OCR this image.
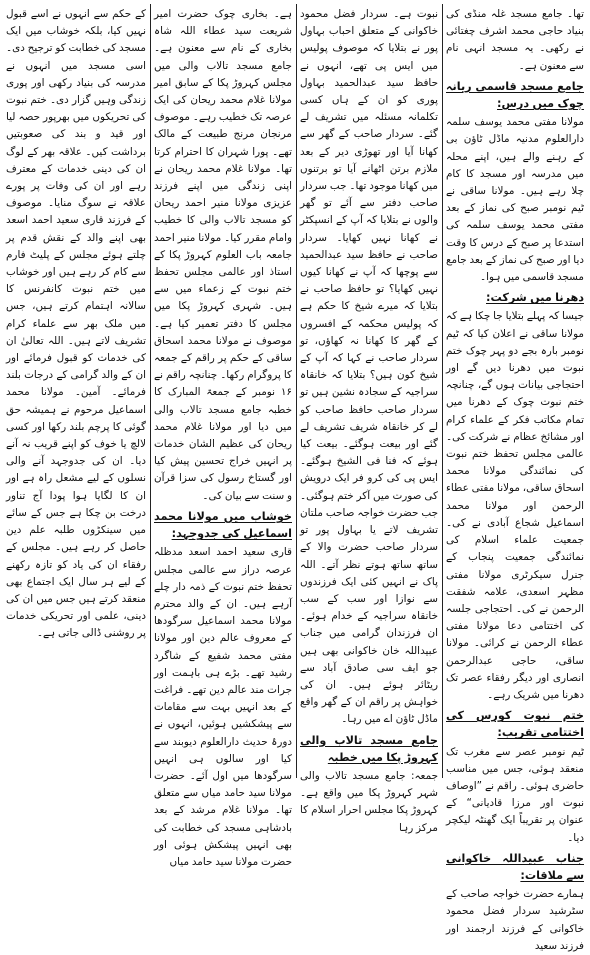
تھا۔ جامع مسجد غلہ منڈی کی بنیاد حاجی محمد اشرف چغتائی نے رکھی۔ یہ مسجد انہی نام سے معنون ہے۔

جامع مسجد قاسمی ریانہ چوک میں درس:

مولانا مفتی محمد یوسف سلمہ دارالعلوم مدنیہ ماڈل ٹاؤن بی کے رہنے والے ہیں، اپنے محلہ میں مدرسہ اور مسجد کا کام چلا رہے ہیں۔ مولانا ساقی نے ٹیم نومبر صبح کی نماز کے بعد مفتی محمد یوسف سلمہ کی استدعا پر صبح کے درس کا وقت دیا اور صبح کی نماز کے بعد جامع مسجد قاسمی میں ہوا۔

دھرنا میں شرکت:

جیسا کہ پہلے بتلایا جا چکا ہے کہ مولانا ساقی نے اعلان کیا کہ ٹیم نومبر بارہ بجے دو پہر چوک ختم نبوت میں دھرنا دیں گے اور احتجاجی بیانات ہوں گے، چنانچہ ختم نبوت چوک کے دھرنا میں تمام مکاتب فکر کے علماء کرام اور مشائخ عظام نے شرکت کی۔ عالمی مجلس تحفظ ختم نبوت کی نمائندگی مولانا محمد اسحاق ساقی، مولانا مفتی عطاء الرحمن اور مولانا محمد اسماعیل شجاع آبادی نے کی۔ جمعیت علماء اسلام کی نمائندگی جمعیت پنجاب کے جنرل سیکرٹری مولانا مفتی مظہر اسعدی، علامہ شفقت الرحمن نے کی۔ احتجاجی جلسہ کی اختتامی دعا مولانا مفتی عطاء الرحمن نے کرائی۔ مولانا ساقی، حاجی عبدالرحمن انصاری اور دیگر رفقاء عصر تک دھرنا میں شریک رہے۔

ختم نبوت کورس کی اختتامی تقریب:

ٹیم نومبر عصر سے مغرب تک منعقد ہوئی، جس میں مناسب حاضری ہوئی۔ راقم نے ”اوصاف نبوت اور مرزا قادیانی“ کے عنوان پر تقریباً ایک گھنٹہ لیکچر دیا۔

جناب عبیداللہ خاکوانی سے ملاقات:

ہمارے حضرت خواجہ صاحب کے سٹرشید سردار فضل محمود خاکوانی کے فرزند ارجمند اور فرزند سعید

نبوت ہے۔ سردار فضل محمود خاکوانی کے متعلق احباب بہاول پور نے بتلایا کہ موصوف پولیس میں ایس پی تھے، انہوں نے حافظ سید عبدالحمید بہاول پوری کو ان کے ہاں کسی تکلمانہ مسئلہ میں تشریف لے گئے۔ سردار صاحب کے گھر سے کھانا آیا اور تھوڑی دیر کے بعد ملازم برتن اٹھانے آیا تو برتنوں میں کھانا موجود تھا۔ جب سردار صاحب دفتر سے آئے تو گھر والوں نے بتلایا کہ آپ کے انسپکٹر نے کھانا نہیں کھایا۔ سردار صاحب نے حافظ سید عبدالحمید سے پوچھا کہ آپ نے کھانا کیوں نہیں کھایا؟ تو حافظ صاحب نے بتلایا کہ میرے شیخ کا حکم ہے کہ پولیس محکمہ کے افسروں کے گھر کا کھانا نہ کھاؤں، تو سردار صاحب نے کہا کہ آپ کے شیخ کون ہیں؟ بتلایا کہ خانقاہ سراجیہ کے سجادہ نشین ہیں تو سردار صاحب حافظ صاحب کو لے کر خانقاہ شریف تشریف لے گئے اور بیعت ہوگئے۔ بیعت کیا ہوئے کہ فنا فی الشیخ ہوگئے۔ ایس پی کی کرو فر ایک درویش کی صورت میں آکر ختم ہوگئی۔ جب حضرت خواجہ صاحب ملتان تشریف لاتے یا بہاول پور تو سردار صاحب حضرت والا کے ساتھ ساتھ ہوتے نظر آتے۔ اللہ پاک نے انہیں کئی ایک فرزندوں سے نوازا اور سب کے سب خانقاہ سراجیہ کے خدام ہوئے۔ ان فرزندان گرامی میں جناب عبیداللہ خان خاکوانی بھی ہیں جو ایف سی صادق آباد سے ریٹائر ہوئے ہیں۔ ان کی خواہش پر راقم ان کے گھر واقع ماڈل ٹاؤن اے میں رہا۔

جامع مسجد تالاب والی کہروڑ پکا میں خطبہ

جمعہ: جامع مسجد تالاب والی شہر کہروڑ پکا میں واقع ہے۔ کہروڑ پکا مجلس احرار اسلام کا مرکز رہا

ہے۔ بخاری چوک حضرت امیر شریعت سید عطاء اللہ شاہ بخاری کے نام سے معنون ہے۔ جامع مسجد تالاب والی میں مجلس کہروڑ پکا کے سابق امیر مولانا غلام محمد ریحان کی ایک عرصہ تک خطیب رہے۔ موصوف مرنجان مرنج طبیعت کے مالک تھے۔ پورا شہران کا احترام کرتا تھا۔ مولانا غلام محمد ریحان نے اپنی زندگی میں اپنے فرزند عزیزی مولانا منیر احمد ریحان کو مسجد تالاب والی کا خطیب وامام مقرر کیا۔ مولانا منیر احمد جامعہ باب العلوم کہروڑ پکا کے استاذ اور عالمی مجلس تحفظ ختم نبوت کے زعماء میں سے ہیں۔ شہری کہروڑ پکا میں مجلس کا دفتر تعمیر کیا ہے۔ موصوف نے مولانا محمد اسحاق ساقی کے حکم پر راقم کے جمعہ کا پروگرام رکھا۔ چنانچہ راقم نے ۱۶ نومبر کے جمعۃ المبارک کا خطبہ جامع مسجد تالاب والی میں دیا اور مولانا غلام محمد ریحان کی عظیم الشان خدمات پر انہیں خراج تحسین پیش کیا اور گستاخ رسول کی سزا قرآن و سنت سے بیان کی۔

خوشاب میں مولانا محمد اسماعیل کی جدوجہد:

قاری سعید احمد اسعد مدظلہ عرصہ دراز سے عالمی مجلس تحفظ ختم نبوت کے ذمہ دار چلے آرہے ہیں۔ ان کے والد محترم مولانا محمد اسماعیل سرگودھا کے معروف عالم دین اور مولانا مفتی محمد شفیع کے شاگرد رشید تھے۔ بڑے ہی باہمت اور جرات مند عالم دین تھے۔ فراغت کے بعد انہیں بہت سے مقامات سے پیشکشیں ہوئیں، انہوں نے دورۂ حدیث دارالعلوم دیوبند سے کیا اور سالوں ہی انہیں سرگودھا میں اول آئے۔ حضرت مولانا سید حامد میاں سے متعلق تھا۔ مولانا غلام مرشد کے بعد بادشاہی مسجد کی خطابت کی بھی انہیں پیشکش ہوئی اور حضرت مولانا سید حامد میاں

کے حکم سے انہوں نے اسے قبول نہیں کیا، بلکہ خوشاب میں ایک مسجد کی خطابت کو ترجیح دی۔ اسی مسجد میں انہوں نے مدرسہ کی بنیاد رکھی اور پوری زندگی وہیں گزار دی۔ ختم نبوت کی تحریکوں میں بھرپور حصہ لیا اور قید و بند کی صعوبتیں برداشت کیں۔ علاقہ بھر کے لوگ ان کی دینی خدمات کے معترف رہے اور ان کی وفات پر پورے علاقہ نے سوگ منایا۔ موصوف کے فرزند قاری سعید احمد اسعد بھی اپنے والد کے نقش قدم پر چلتے ہوئے مجلس کے پلیٹ فارم سے کام کر رہے ہیں اور خوشاب میں ختم نبوت کانفرنس کا سالانہ اہتمام کرتے ہیں، جس میں ملک بھر سے علماء کرام تشریف لاتے ہیں۔ اللہ تعالیٰ ان کی خدمات کو قبول فرمائے اور ان کے والد گرامی کے درجات بلند فرمائے۔ آمین۔ مولانا محمد اسماعیل مرحوم نے ہمیشہ حق گوئی کا پرچم بلند رکھا اور کسی لالچ یا خوف کو اپنے قریب نہ آنے دیا۔ ان کی جدوجہد آنے والی نسلوں کے لیے مشعل راہ ہے اور ان کا لگایا ہوا پودا آج تناور درخت بن چکا ہے جس کے سائے میں سینکڑوں طلبہ علم دین حاصل کر رہے ہیں۔ مجلس کے رفقاء ان کی یاد کو تازہ رکھنے کے لیے ہر سال ایک اجتماع بھی منعقد کرتے ہیں جس میں ان کی دینی، علمی اور تحریکی خدمات پر روشنی ڈالی جاتی ہے۔
